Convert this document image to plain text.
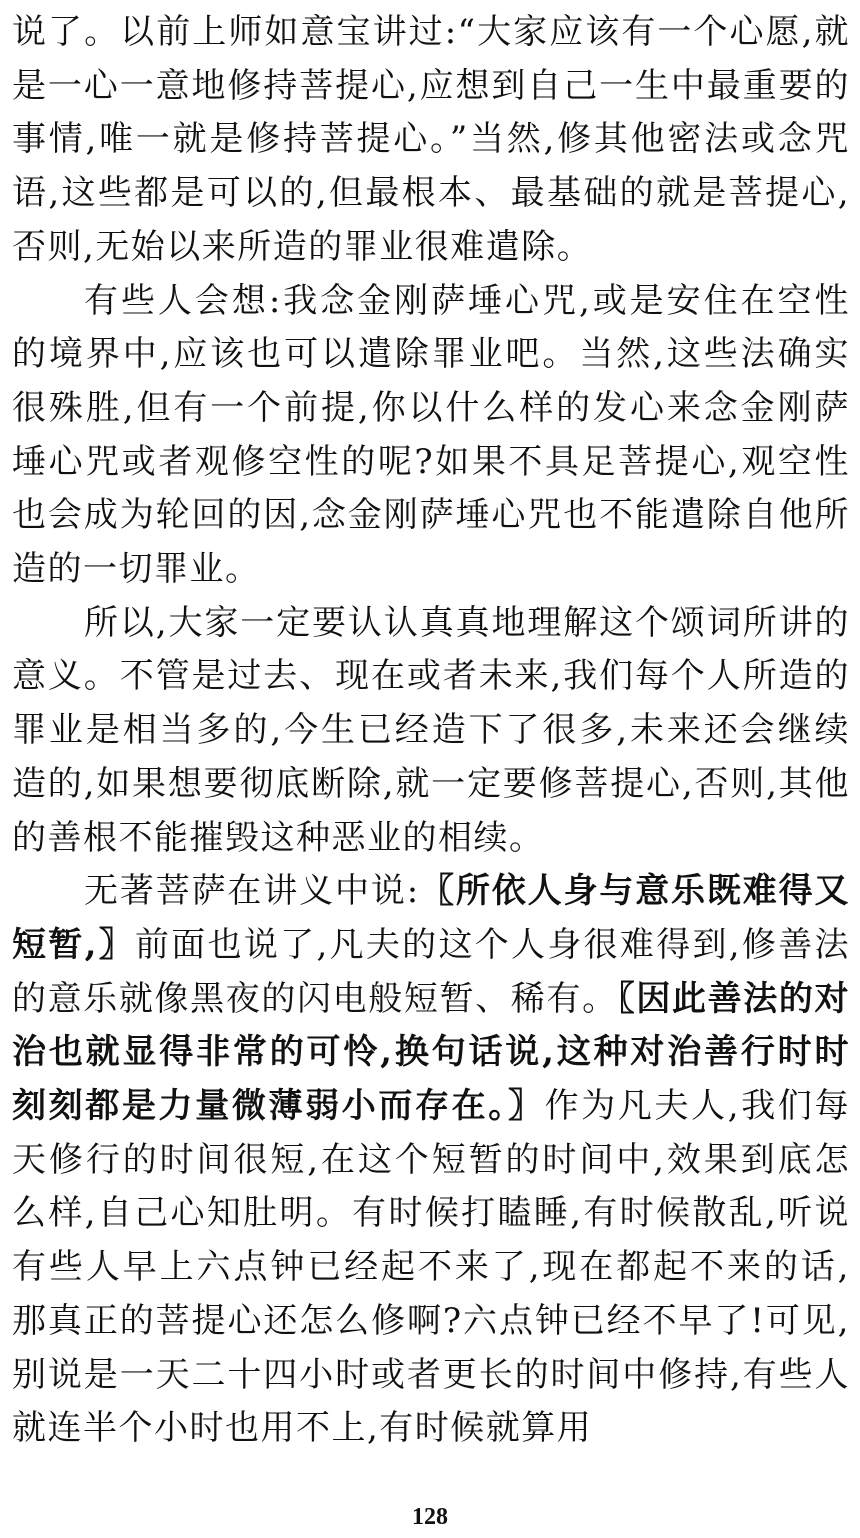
说了。以前上师如意宝讲过:“大家应该有一个心愿,就是一心一意地修持菩提心,应想到自己一生中最重要的事情,唯一就是修持菩提心。”当然,修其他密法或念咒语,这些都是可以的,但最根本、最基础的就是菩提心,否则,无始以来所造的罪业很难遣除。

有些人会想:我念金刚萨埵心咒,或是安住在空性的境界中,应该也可以遣除罪业吧。当然,这些法确实很殊胜,但有一个前提,你以什么样的发心来念金刚萨埵心咒或者观修空性的呢?如果不具足菩提心,观空性也会成为轮回的因,念金刚萨埵心咒也不能遣除自他所造的一切罪业。

所以,大家一定要认认真真地理解这个颂词所讲的意义。不管是过去、现在或者未来,我们每个人所造的罪业是相当多的,今生已经造下了很多,未来还会继续造的,如果想要彻底断除,就一定要修菩提心,否则,其他的善根不能摧毁这种恶业的相续。

无著菩萨在讲义中说:〖所依人身与意乐既难得又短暂,〗前面也说了,凡夫的这个人身很难得到,修善法的意乐就像黑夜的闪电般短暂、稀有。〖因此善法的对治也就显得非常的可怜,换句话说,这种对治善行时时刻刻都是力量微薄弱小而存在。〗作为凡夫人,我们每天修行的时间很短,在这个短暂的时间中,效果到底怎么样,自己心知肚明。有时候打瞌睡,有时候散乱,听说有些人早上六点钟已经起不来了,现在都起不来的话,那真正的菩提心还怎么修啊?六点钟已经不早了!可见,别说是一天二十四小时或者更长的时间中修持,有些人就连半个小时也用不上,有时候就算用

128
